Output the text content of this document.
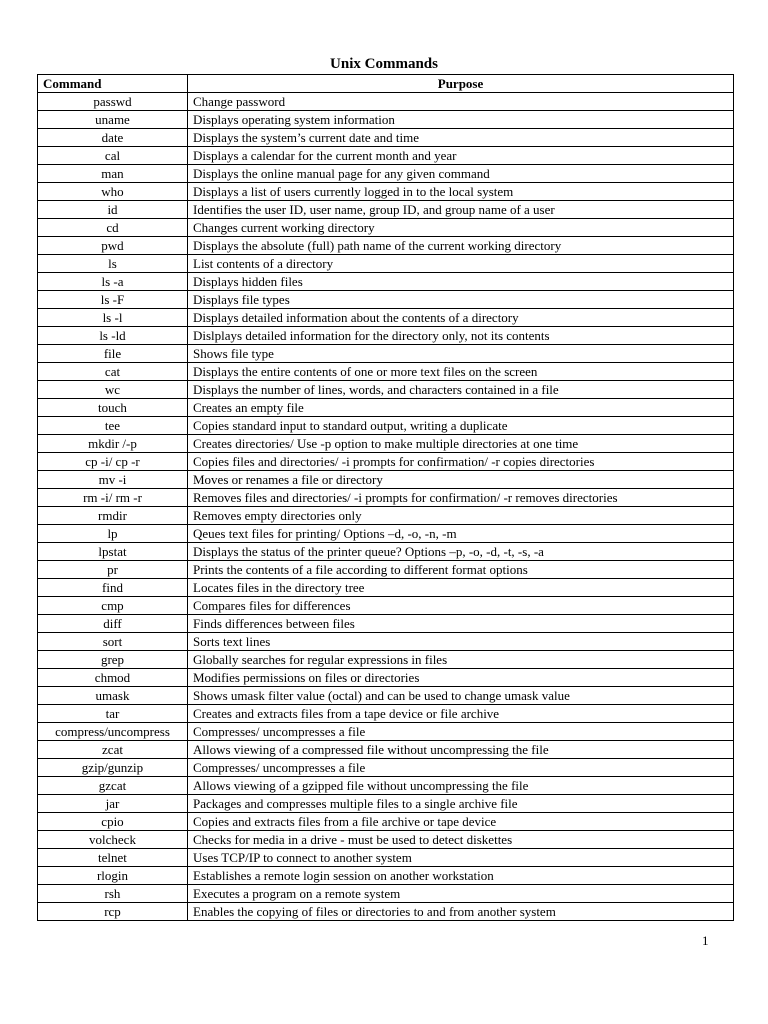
Unix Commands
Command	Purpose
passwd	Change password
uname	Displays operating system information
date	Displays the system’s current date and time
cal	Displays a calendar for the current month and year
man	Displays the online manual page for any given command
who	Displays a list of users currently logged in to the local system
id	Identifies the user ID, user name, group ID, and group name of a user
cd	Changes current working directory
pwd	Displays the absolute (full) path name of the current working directory
ls	List contents of a directory
ls -a	Displays hidden files
ls -F	Displays file types
ls -l	Displays detailed information about the contents of a directory
ls -ld	Dislplays detailed information for the directory only, not its contents
file	Shows file type
cat	Displays the entire contents of one or more text files on the screen
wc	Displays the number of lines, words, and characters contained in a file
touch	Creates an empty file
tee	Copies standard input to standard output, writing a duplicate
mkdir /-p	Creates directories/ Use -p option to make multiple directories at one time
cp -i/ cp -r	Copies files and directories/ -i prompts for confirmation/ -r copies directories
mv -i	Moves or renames a file or directory
rm -i/ rm -r	Removes files and directories/ -i prompts for confirmation/ -r removes directories
rmdir	Removes empty directories only
lp	Qeues text files for printing/ Options –d, -o, -n, -m
lpstat	Displays the status of the printer queue? Options –p, -o, -d, -t, -s, -a
pr	Prints the contents of a file according to different format options
find	Locates files in the directory tree
cmp	Compares files for differences
diff	Finds differences between files
sort	Sorts text lines
grep	Globally searches for regular expressions in files
chmod	Modifies permissions on files or directories
umask	Shows umask filter value (octal) and can be used to change umask value
tar	Creates and extracts files from a tape device or file archive
compress/uncompress	Compresses/ uncompresses a file
zcat	Allows viewing of a compressed file without uncompressing the file
gzip/gunzip	Compresses/ uncompresses a file
gzcat	Allows viewing of a gzipped file without uncompressing the file
jar	Packages and compresses multiple files to a single archive file
cpio	Copies and extracts files from a file archive or tape device
volcheck	Checks for media in a drive - must be used to detect diskettes
telnet	Uses TCP/IP to connect to another system
rlogin	Establishes a remote login session on another workstation
rsh	Executes a program on a remote system
rcp	Enables the copying of files or directories to and from another system
1
